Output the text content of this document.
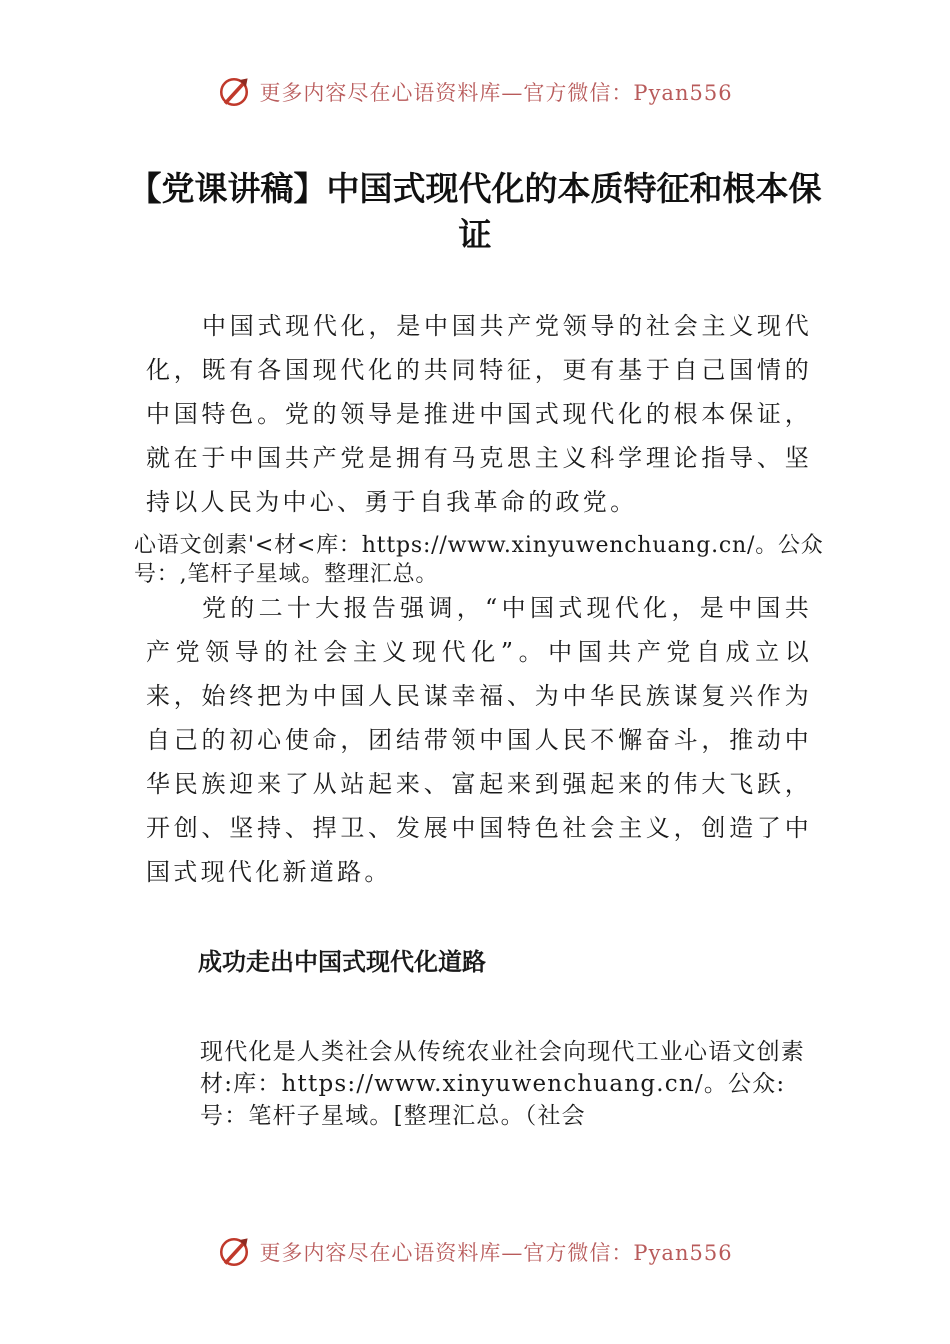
更多内容尽在心语资料库—官方微信：Pyan556
【党课讲稿】中国式现代化的本质特征和根本保证

中国式现代化，是中国共产党领导的社会主义现代化，既有各国现代化的共同特征，更有基于自己国情的中国特色。党的领导是推进中国式现代化的根本保证，就在于中国共产党是拥有马克思主义科学理论指导、坚持以人民为中心、勇于自我革命的政党。

心语文创素'<材<库：https://www.xinyuwenchuang.cn/。公众号：,笔杆子星域。整理汇总。

党的二十大报告强调，“中国式现代化，是中国共产党领导的社会主义现代化”。中国共产党自成立以来，始终把为中国人民谋幸福、为中华民族谋复兴作为自己的初心使命，团结带领中国人民不懈奋斗，推动中华民族迎来了从站起来、富起来到强起来的伟大飞跃，开创、坚持、捍卫、发展中国特色社会主义，创造了中国式现代化新道路。

成功走出中国式现代化道路

现代化是人类社会从传统农业社会向现代工业心语文创素材:库：https://www.xinyuwenchuang.cn/。公众:号：笔杆子星域。[整理汇总。（社会

更多内容尽在心语资料库—官方微信：Pyan556
